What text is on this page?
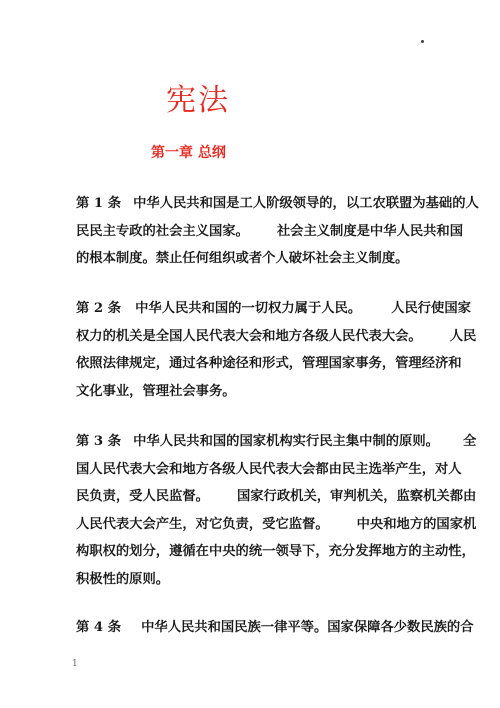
宪法
第一章 总纲
第 1 条 中华人民共和国是工人阶级领导的，以工农联盟为基础的人
民民主专政的社会主义国家。 社会主义制度是中华人民共和国
的根本制度。禁止任何组织或者个人破坏社会主义制度。
第 2 条 中华人民共和国的一切权力属于人民。 人民行使国家
权力的机关是全国人民代表大会和地方各级人民代表大会。 人民
依照法律规定，通过各种途径和形式，管理国家事务，管理经济和
文化事业，管理社会事务。
第 3 条 中华人民共和国的国家机构实行民主集中制的原则。 全
国人民代表大会和地方各级人民代表大会都由民主选举产生，对人
民负责，受人民监督。 国家行政机关，审判机关，监察机关都由
人民代表大会产生，对它负责，受它监督。 中央和地方的国家机
构职权的划分，遵循在中央的统一领导下，充分发挥地方的主动性，
积极性的原则。
第 4 条 中华人民共和国民族一律平等。国家保障各少数民族的合
1
